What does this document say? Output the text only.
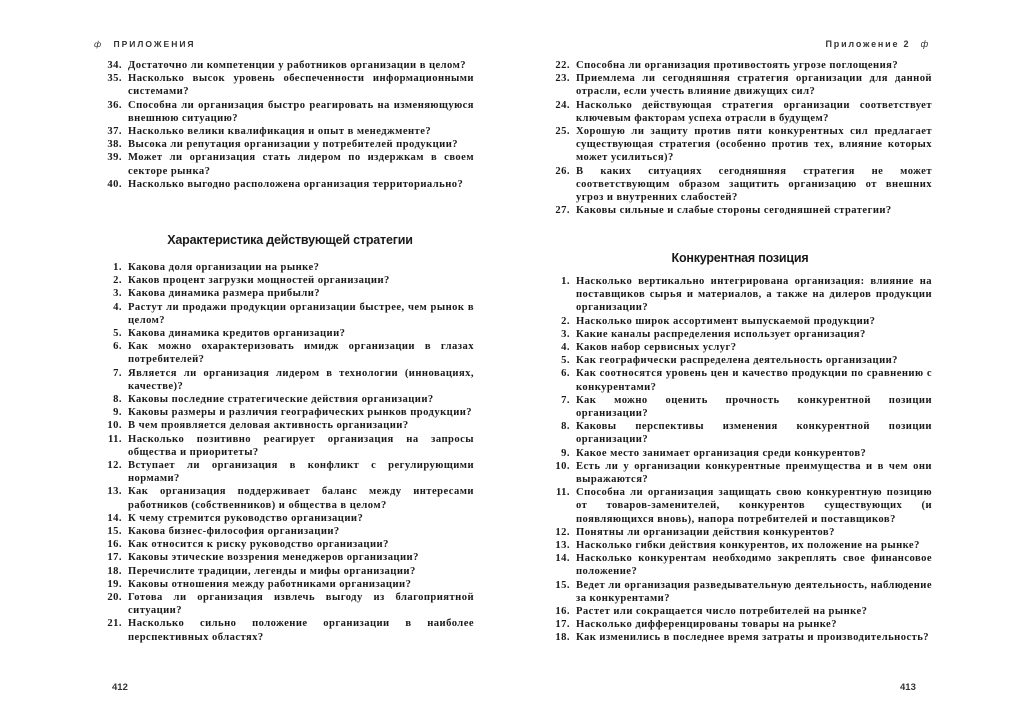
ф ПРИЛОЖЕНИЯ
34. Достаточно ли компетенции у работников организации в целом?
35. Насколько высок уровень обеспеченности информационными системами?
36. Способна ли организация быстро реагировать на изменяющуюся внешнюю ситуацию?
37. Насколько велики квалификация и опыт в менеджменте?
38. Высока ли репутация организации у потребителей продукции?
39. Может ли организация стать лидером по издержкам в своем секторе рынка?
40. Насколько выгодно расположена организация территориально?
Характеристика действующей стратегии
1. Какова доля организации на рынке?
2. Каков процент загрузки мощностей организации?
3. Какова динамика размера прибыли?
4. Растут ли продажи продукции организации быстрее, чем рынок в целом?
5. Какова динамика кредитов организации?
6. Как можно охарактеризовать имидж организации в глазах потребителей?
7. Является ли организация лидером в технологии (инновациях, качестве)?
8. Каковы последние стратегические действия организации?
9. Каковы размеры и различия географических рынков продукции?
10. В чем проявляется деловая активность организации?
11. Насколько позитивно реагирует организация на запросы общества и приоритеты?
12. Вступает ли организация в конфликт с регулирующими нормами?
13. Как организация поддерживает баланс между интересами работников (собственников) и общества в целом?
14. К чему стремится руководство организации?
15. Какова бизнес-философия организации?
16. Как относится к риску руководство организации?
17. Каковы этические воззрения менеджеров организации?
18. Перечислите традиции, легенды и мифы организации?
19. Каковы отношения между работниками организации?
20. Готова ли организация извлечь выгоду из благоприятной ситуации?
21. Насколько сильно положение организации в наиболее перспективных областях?
412
Приложение 2 ф
22. Способна ли организация противостоять угрозе поглощения?
23. Приемлема ли сегодняшняя стратегия организации для данной отрасли, если учесть влияние движущих сил?
24. Насколько действующая стратегия организации соответствует ключевым факторам успеха отрасли в будущем?
25. Хорошую ли защиту против пяти конкурентных сил предлагает существующая стратегия (особенно против тех, влияние которых может усилиться)?
26. В каких ситуациях сегодняшняя стратегия не может соответствующим образом защитить организацию от внешних угроз и внутренних слабостей?
27. Каковы сильные и слабые стороны сегодняшней стратегии?
Конкурентная позиция
1. Насколько вертикально интегрирована организация: влияние на поставщиков сырья и материалов, а также на дилеров продукции организации?
2. Насколько широк ассортимент выпускаемой продукции?
3. Какие каналы распределения использует организация?
4. Каков набор сервисных услуг?
5. Как географически распределена деятельность организации?
6. Как соотносятся уровень цен и качество продукции по сравнению с конкурентами?
7. Как можно оценить прочность конкурентной позиции организации?
8. Каковы перспективы изменения конкурентной позиции организации?
9. Какое место занимает организация среди конкурентов?
10. Есть ли у организации конкурентные преимущества и в чем они выражаются?
11. Способна ли организация защищать свою конкурентную позицию от товаров-заменителей, конкурентов существующих (и появляющихся вновь), напора потребителей и поставщиков?
12. Понятны ли организации действия конкурентов?
13. Насколько гибки действия конкурентов, их положение на рынке?
14. Насколько конкурентам необходимо закреплять свое финансовое положение?
15. Ведет ли организация разведывательную деятельность, наблюдение за конкурентами?
16. Растет или сокращается число потребителей на рынке?
17. Насколько дифференцированы товары на рынке?
18. Как изменились в последнее время затраты и производительность?
413
